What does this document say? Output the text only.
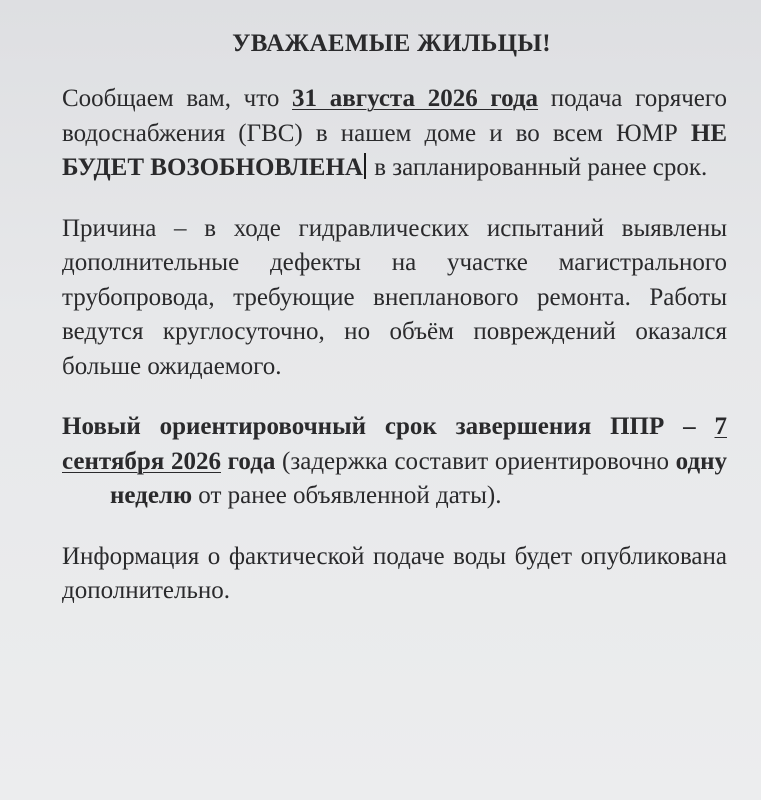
УВАЖАЕМЫЕ ЖИЛЬЦЫ!

Сообщаем вам, что 31 августа 2026 года подача горячего водоснабжения (ГВС) в нашем доме и во всем ЮМР НЕ БУДЕТ ВОЗОБНОВЛЕНА в запланированный ранее срок.

Причина – в ходе гидравлических испытаний выявлены дополнительные дефекты на участке магистрального трубопровода, требующие внепланового ремонта. Работы ведутся круглосуточно, но объём повреждений оказался больше ожидаемого.

Новый ориентировочный срок завершения ППР – 7 сентября 2026 года (задержка составит ориентировочно однунеделю от ранее объявленной даты).

Информация о фактической подаче воды будет опубликована дополнительно.
